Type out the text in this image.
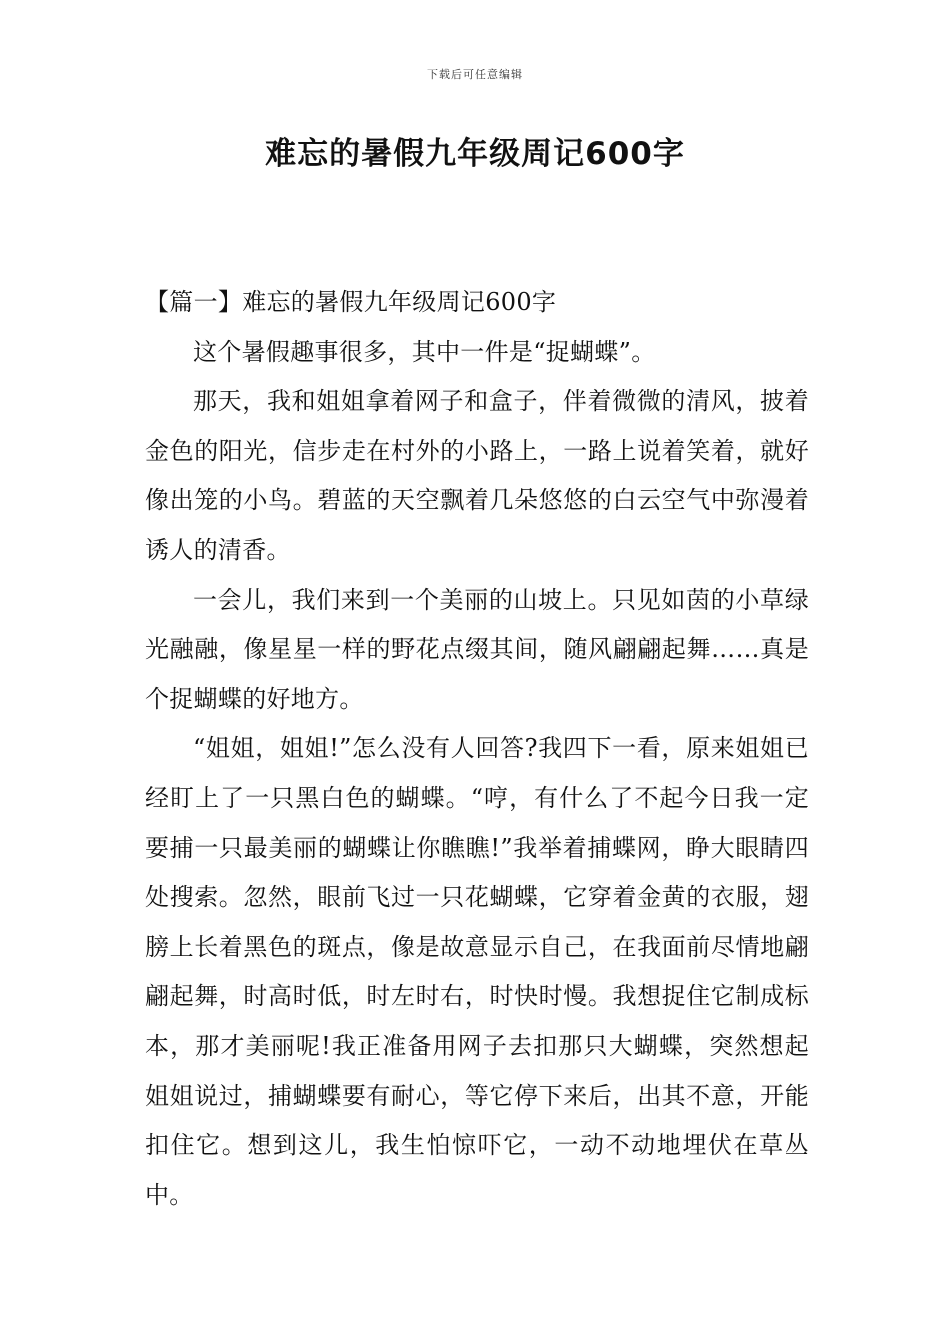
下载后可任意编辑
难忘的暑假九年级周记600字

【篇一】难忘的暑假九年级周记600字

这个暑假趣事很多，其中一件是“捉蝴蝶”。

那天，我和姐姐拿着网子和盒子，伴着微微的清风，披着金色的阳光，信步走在村外的小路上，一路上说着笑着，就好像出笼的小鸟。碧蓝的天空飘着几朵悠悠的白云空气中弥漫着诱人的清香。

一会儿，我们来到一个美丽的山坡上。只见如茵的小草绿光融融，像星星一样的野花点缀其间，随风翩翩起舞……真是个捉蝴蝶的好地方。

“姐姐，姐姐!”怎么没有人回答?我四下一看，原来姐姐已经盯上了一只黑白色的蝴蝶。“哼，有什么了不起今日我一定要捕一只最美丽的蝴蝶让你瞧瞧!”我举着捕蝶网，睁大眼睛四处搜索。忽然，眼前飞过一只花蝴蝶，它穿着金黄的衣服，翅膀上长着黑色的斑点，像是故意显示自己，在我面前尽情地翩翩起舞，时高时低，时左时右，时快时慢。我想捉住它制成标本，那才美丽呢!我正准备用网子去扣那只大蝴蝶，突然想起姐姐说过，捕蝴蝶要有耐心，等它停下来后，出其不意，开能扣住它。想到这儿，我生怕惊吓它，一动不动地埋伏在草丛中。
